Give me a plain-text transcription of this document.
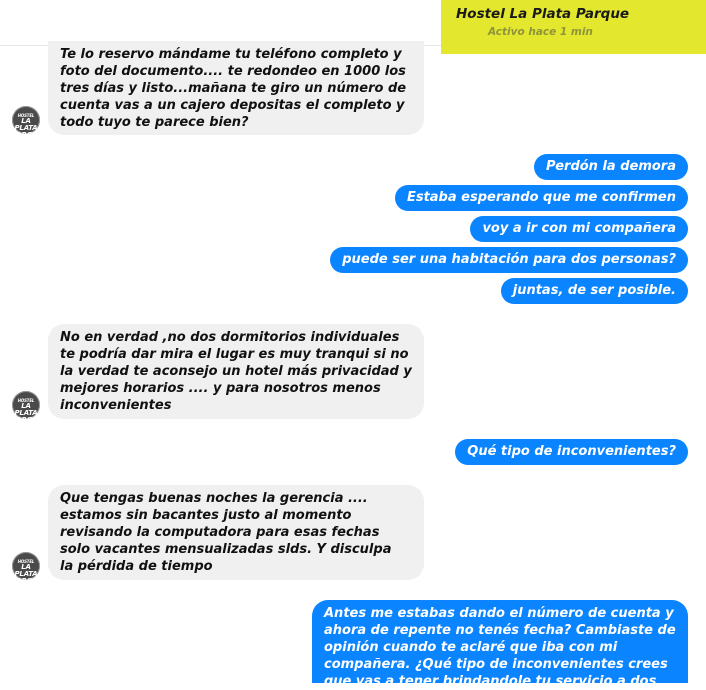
Hostel La Plata Parque
Activo hace 1 min
Te lo reservo mándame tu teléfono completo y foto del documento.... te redondeo en 1000 los tres días y listo...mañana te giro un número de cuenta vas a un cajero depositas el completo y todo tuyo te parece bien?
HOSTEL
LA PLATA
PARQUE
Perdón la demora
Estaba esperando que me confirmen
voy a ir con mi compañera
puede ser una habitación para dos personas?
juntas, de ser posible.
No en verdad ,no dos dormitorios individuales te podría dar mira el lugar es muy tranqui si no la verdad te aconsejo un hotel más privacidad y mejores horarios .... y para nosotros menos inconvenientes
HOSTEL
LA PLATA
PARQUE
Qué tipo de inconvenientes?
Que tengas buenas noches la gerencia ....
estamos sin bacantes justo al momento
revisando la computadora para esas fechas
solo vacantes mensualizadas slds. Y disculpa
la pérdida de tiempo
HOSTEL
LA PLATA
PARQUE
Antes me estabas dando el número de cuenta y ahora de repente no tenés fecha? Cambiaste de opinión cuando te aclaré que iba con mi compañera. ¿Qué tipo de inconvenientes crees que vas a tener brindandole tu servicio a dos
